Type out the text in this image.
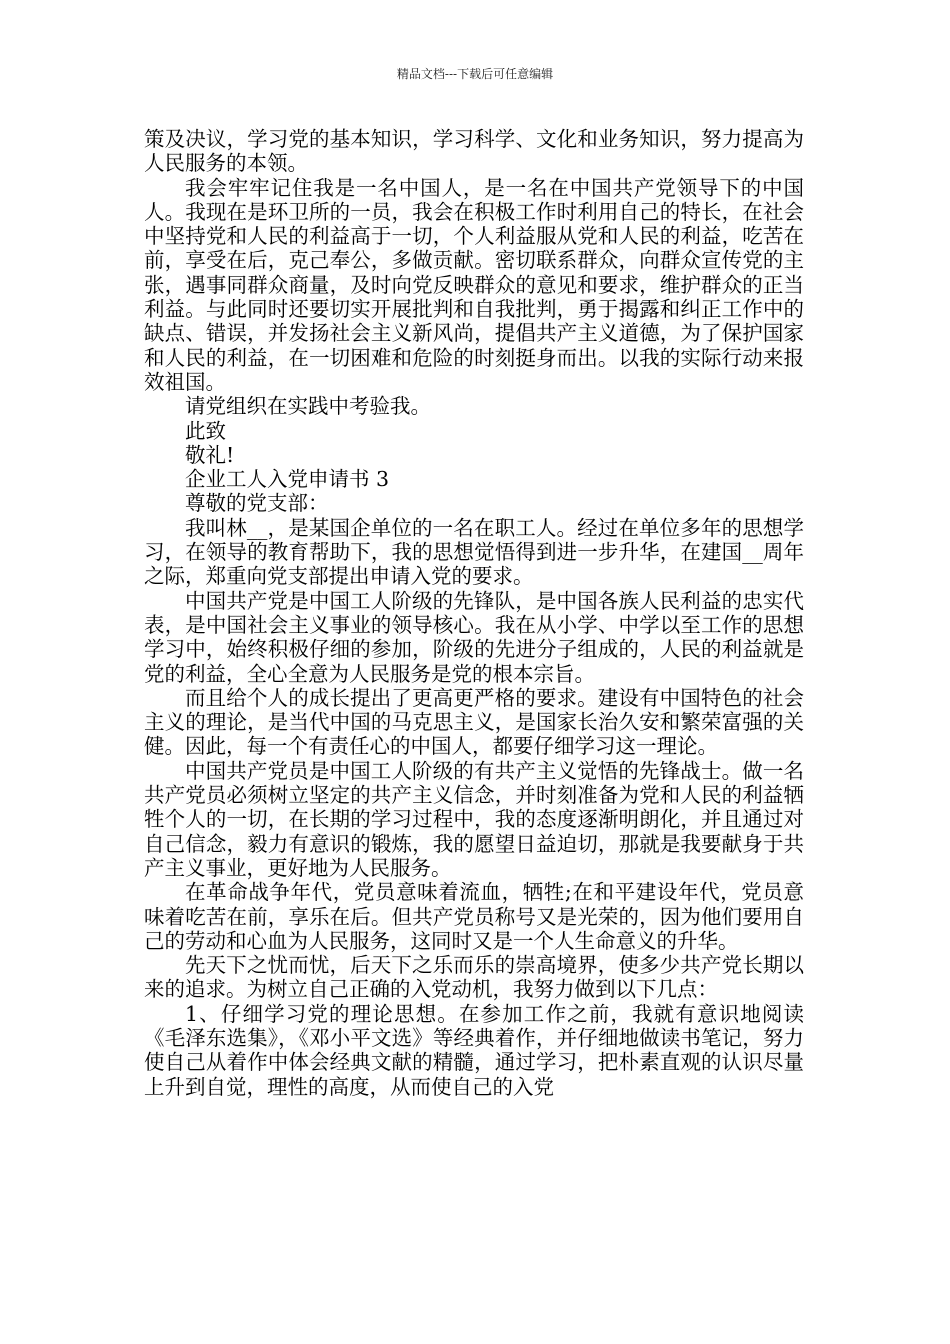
精品文档---下载后可任意编辑

策及决议，学习党的基本知识，学习科学、文化和业务知识，努力提高为人民服务的本领。

我会牢牢记住我是一名中国人，是一名在中国共产党领导下的中国人。我现在是环卫所的一员，我会在积极工作时利用自己的特长，在社会中坚持党和人民的利益高于一切，个人利益服从党和人民的利益，吃苦在前，享受在后，克己奉公，多做贡献。密切联系群众，向群众宣传党的主张，遇事同群众商量，及时向党反映群众的意见和要求，维护群众的正当利益。与此同时还要切实开展批判和自我批判，勇于揭露和纠正工作中的缺点、错误，并发扬社会主义新风尚，提倡共产主义道德，为了保护国家和人民的利益，在一切困难和危险的时刻挺身而出。以我的实际行动来报效祖国。

请党组织在实践中考验我。

此致

敬礼!

企业工人入党申请书 3

尊敬的党支部：

我叫林__，是某国企单位的一名在职工人。经过在单位多年的思想学习，在领导的教育帮助下，我的思想觉悟得到进一步升华，在建国__周年之际，郑重向党支部提出申请入党的要求。

中国共产党是中国工人阶级的先锋队，是中国各族人民利益的忠实代表，是中国社会主义事业的领导核心。我在从小学、中学以至工作的思想学习中，始终积极仔细的参加，阶级的先进分子组成的，人民的利益就是党的利益，全心全意为人民服务是党的根本宗旨。

而且给个人的成长提出了更高更严格的要求。建设有中国特色的社会主义的理论，是当代中国的马克思主义，是国家长治久安和繁荣富强的关健。因此，每一个有责任心的中国人，都要仔细学习这一理论。

中国共产党员是中国工人阶级的有共产主义觉悟的先锋战士。做一名共产党员必须树立坚定的共产主义信念，并时刻准备为党和人民的利益牺牲个人的一切，在长期的学习过程中，我的态度逐渐明朗化，并且通过对自己信念，毅力有意识的锻炼，我的愿望日益迫切，那就是我要献身于共产主义事业，更好地为人民服务。

在革命战争年代，党员意味着流血，牺牲;在和平建设年代，党员意味着吃苦在前，享乐在后。但共产党员称号又是光荣的，因为他们要用自己的劳动和心血为人民服务，这同时又是一个人生命意义的升华。

先天下之忧而忧，后天下之乐而乐的崇高境界，使多少共产党长期以来的追求。为树立自己正确的入党动机，我努力做到以下几点：

1、仔细学习党的理论思想。在参加工作之前，我就有意识地阅读《毛泽东选集》，《邓小平文选》等经典着作，并仔细地做读书笔记，努力使自己从着作中体会经典文献的精髓，通过学习，把朴素直观的认识尽量上升到自觉，理性的高度，从而使自己的入党
